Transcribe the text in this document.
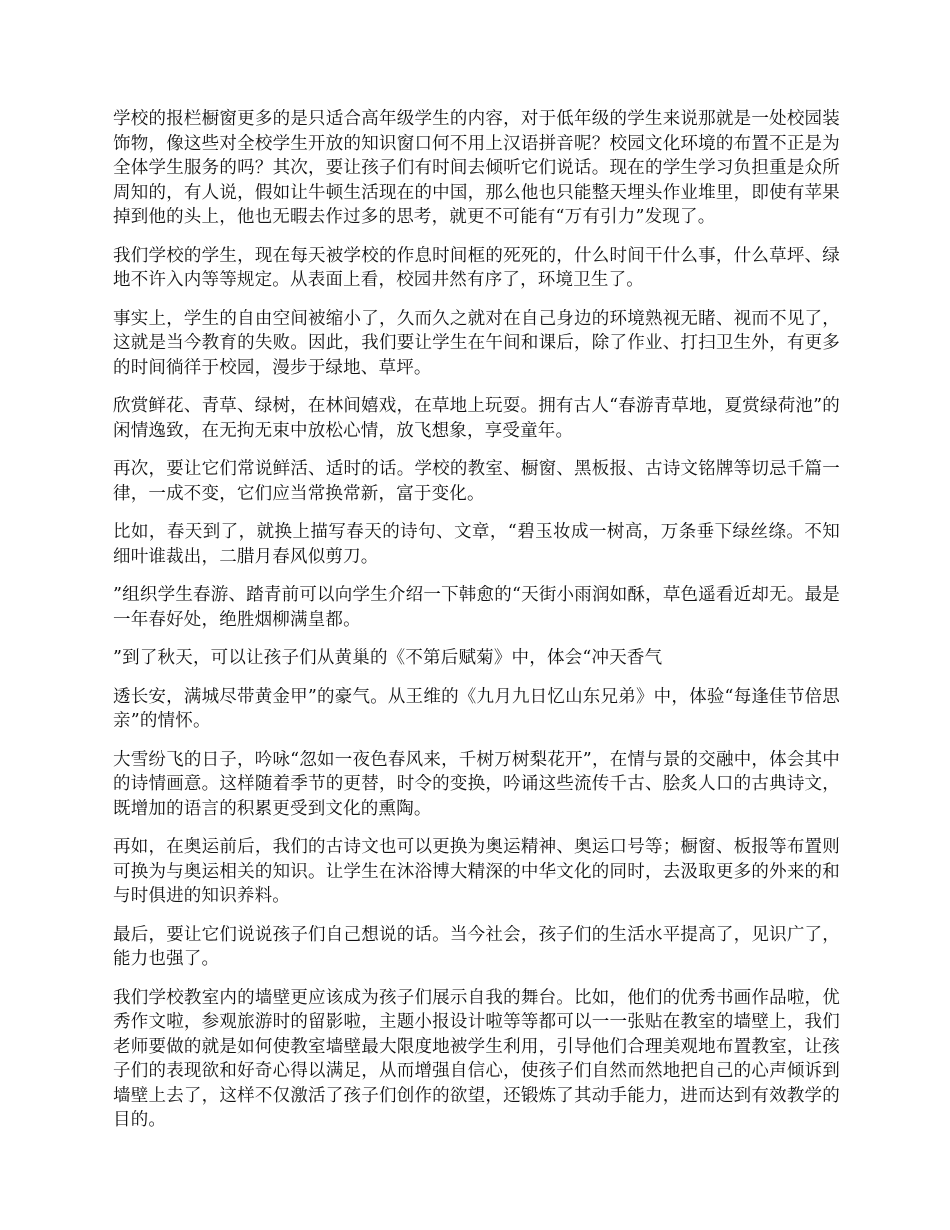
学校的报栏橱窗更多的是只适合高年级学生的内容，对于低年级的学生来说那就是一处校园装饰物，像这些对全校学生开放的知识窗口何不用上汉语拼音呢？校园文化环境的布置不正是为全体学生服务的吗？其次，要让孩子们有时间去倾听它们说话。现在的学生学习负担重是众所周知的，有人说，假如让牛顿生活现在的中国，那么他也只能整天埋头作业堆里，即使有苹果掉到他的头上，他也无暇去作过多的思考，就更不可能有“万有引力”发现了。

我们学校的学生，现在每天被学校的作息时间框的死死的，什么时间干什么事，什么草坪、绿地不许入内等等规定。从表面上看，校园井然有序了，环境卫生了。

事实上，学生的自由空间被缩小了，久而久之就对在自己身边的环境熟视无睹、视而不见了，这就是当今教育的失败。因此，我们要让学生在午间和课后，除了作业、打扫卫生外，有更多的时间徜徉于校园，漫步于绿地、草坪。

欣赏鲜花、青草、绿树，在林间嬉戏，在草地上玩耍。拥有古人“春游青草地，夏赏绿荷池”的闲情逸致，在无拘无束中放松心情，放飞想象，享受童年。

再次，要让它们常说鲜活、适时的话。学校的教室、橱窗、黑板报、古诗文铭牌等切忌千篇一律，一成不变，它们应当常换常新，富于变化。

比如，春天到了，就换上描写春天的诗句、文章，“碧玉妆成一树高，万条垂下绿丝绦。不知细叶谁裁出，二腊月春风似剪刀。

”组织学生春游、踏青前可以向学生介绍一下韩愈的“天街小雨润如酥，草色遥看近却无。最是一年春好处，绝胜烟柳满皇都。

”到了秋天，可以让孩子们从黄巢的《不第后赋菊》中，体会“冲天香气

透长安，满城尽带黄金甲”的豪气。从王维的《九月九日忆山东兄弟》中，体验“每逢佳节倍思亲”的情怀。

大雪纷飞的日子，吟咏“忽如一夜色春风来，千树万树梨花开”，在情与景的交融中，体会其中的诗情画意。这样随着季节的更替，时令的变换，吟诵这些流传千古、脍炙人口的古典诗文，既增加的语言的积累更受到文化的熏陶。

再如，在奥运前后，我们的古诗文也可以更换为奥运精神、奥运口号等；橱窗、板报等布置则可换为与奥运相关的知识。让学生在沐浴博大精深的中华文化的同时，去汲取更多的外来的和与时俱进的知识养料。

最后，要让它们说说孩子们自己想说的话。当今社会，孩子们的生活水平提高了，见识广了，能力也强了。

我们学校教室内的墙壁更应该成为孩子们展示自我的舞台。比如，他们的优秀书画作品啦，优秀作文啦，参观旅游时的留影啦，主题小报设计啦等等都可以一一张贴在教室的墙壁上，我们老师要做的就是如何使教室墙壁最大限度地被学生利用，引导他们合理美观地布置教室，让孩子们的表现欲和好奇心得以满足，从而增强自信心，使孩子们自然而然地把自己的心声倾诉到墙壁上去了，这样不仅激活了孩子们创作的欲望，还锻炼了其动手能力，进而达到有效教学的目的。
